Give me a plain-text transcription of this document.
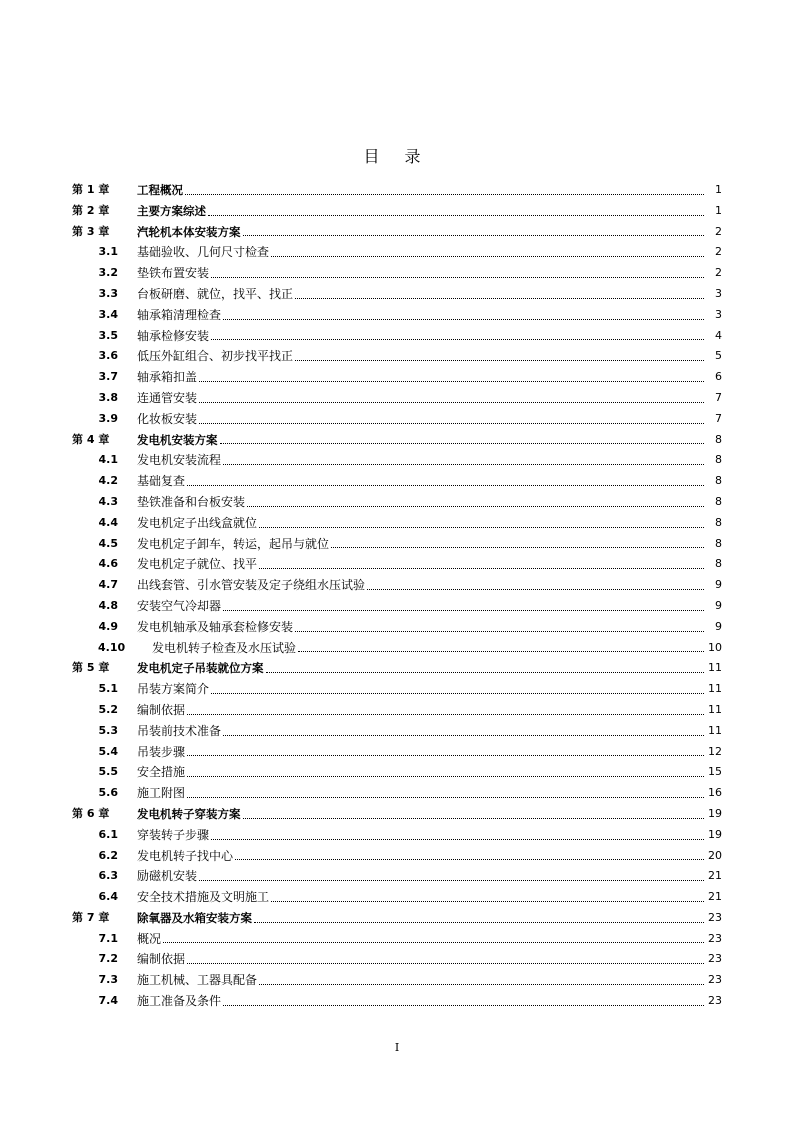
目 录
第 1 章 工程概况	1
第 2 章 主要方案综述	1
第 3 章 汽轮机本体安装方案	2
3.1 基础验收、几何尺寸检查	2
3.2 垫铁布置安装	2
3.3 台板研磨、就位，找平、找正	3
3.4 轴承箱清理检查	3
3.5 轴承检修安装	4
3.6 低压外缸组合、初步找平找正	5
3.7 轴承箱扣盖	6
3.8 连通管安装	7
3.9 化妆板安装	7
第 4 章 发电机安装方案	8
4.1 发电机安装流程	8
4.2 基础复查	8
4.3 垫铁准备和台板安装	8
4.4 发电机定子出线盒就位	8
4.5 发电机定子卸车，转运，起吊与就位	8
4.6 发电机定子就位、找平	8
4.7 出线套管、引水管安装及定子绕组水压试验	9
4.8 安装空气冷却器	9
4.9 发电机轴承及轴承套检修安装	9
4.10 发电机转子检查及水压试验	10
第 5 章 发电机定子吊装就位方案	11
5.1 吊装方案简介	11
5.2 编制依据	11
5.3 吊装前技术准备	11
5.4 吊装步骤	12
5.5 安全措施	15
5.6 施工附图	16
第 6 章 发电机转子穿装方案	19
6.1 穿装转子步骤	19
6.2 发电机转子找中心	20
6.3 励磁机安装	21
6.4 安全技术措施及文明施工	21
第 7 章 除氧器及水箱安装方案	23
7.1 概况	23
7.2 编制依据	23
7.3 施工机械、工器具配备	23
7.4 施工准备及条件	23
I
